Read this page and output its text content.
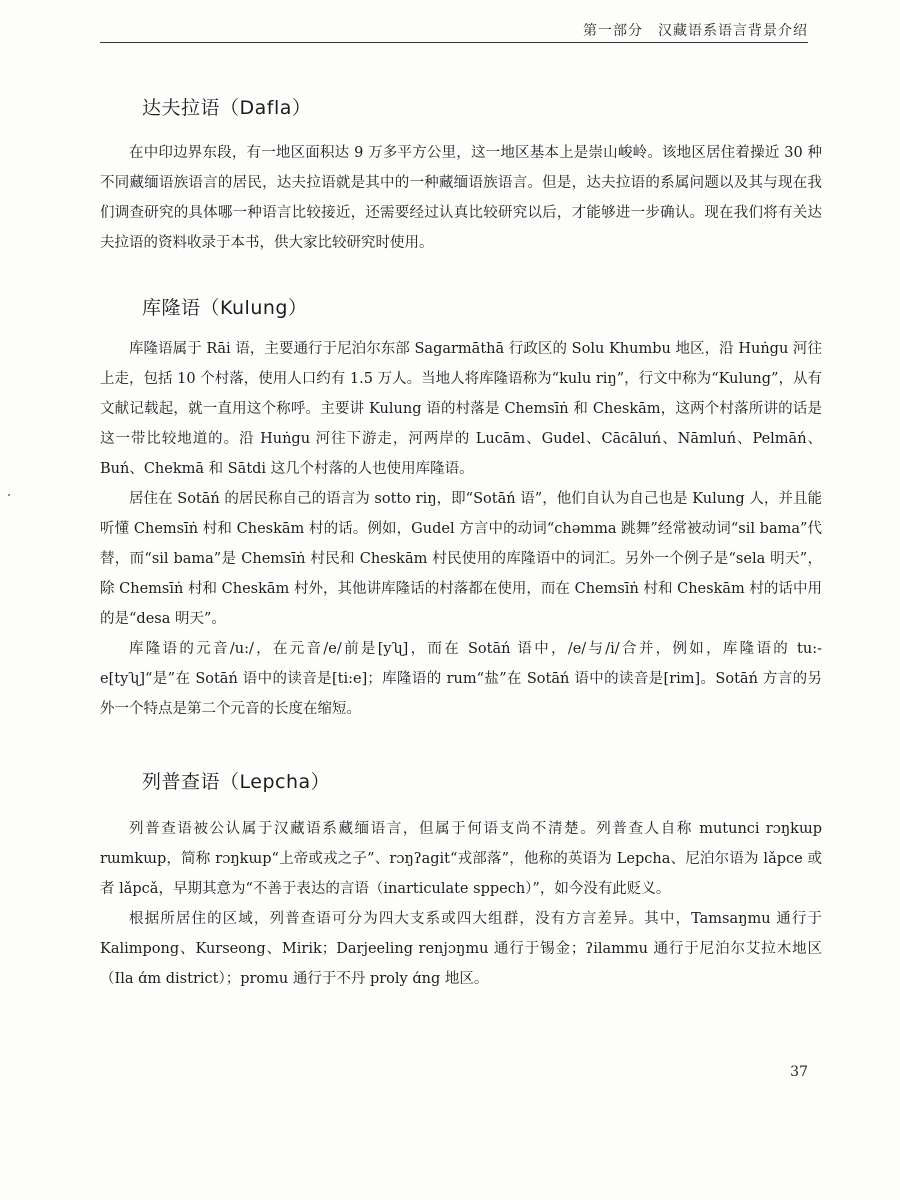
第一部分　汉藏语系语言背景介绍
达夫拉语（Dafla）

在中印边界东段，有一地区面积达 9 万多平方公里，这一地区基本上是崇山峻岭。该地区居住着操近 30 种不同藏缅语族语言的居民，达夫拉语就是其中的一种藏缅语族语言。但是，达夫拉语的系属问题以及其与现在我们调查研究的具体哪一种语言比较接近，还需要经过认真比较研究以后，才能够进一步确认。现在我们将有关达夫拉语的资料收录于本书，供大家比较研究时使用。

库隆语（Kulung）

库隆语属于 Rāi 语，主要通行于尼泊尔东部 Sagarmāthā 行政区的 Solu Khumbu 地区，沿 Huṅgu 河往上走，包括 10 个村落，使用人口约有 1.5 万人。当地人将库隆语称为“kulu riŋ”，行文中称为“Kulung”，从有文献记载起，就一直用这个称呼。主要讲 Kulung 语的村落是 Chemsīṅ 和 Cheskām，这两个村落所讲的话是这一带比较地道的。沿 Huṅgu 河往下游走，河两岸的 Lucām、Gudel、Cācāluń、Nāmluń、Pelmāń、Buń、Chekmā 和 Sātdi 这几个村落的人也使用库隆语。

居住在 Sotāń 的居民称自己的语言为 sotto riŋ，即“Sotāń 语”，他们自认为自己也是 Kulung 人，并且能听懂 Chemsīṅ 村和 Cheskām 村的话。例如，Gudel 方言中的动词“chəmma 跳舞”经常被动词“sil bama”代替，而“sil bama”是 Chemsīṅ 村民和 Cheskām 村民使用的库隆语中的词汇。另外一个例子是“sela 明天”，除 Chemsīṅ 村和 Cheskām 村外，其他讲库隆话的村落都在使用，而在 Chemsīṅ 村和 Cheskām 村的话中用的是“desa 明天”。

库隆语的元音/u:/，在元音/e/前是[yʯ]，而在 Sotāń 语中，/e/与/i/合并，例如，库隆语的 tu:-e[tyʯ]“是”在 Sotāń 语中的读音是[ti:e]；库隆语的 rum“盐”在 Sotāń 语中的读音是[rim]。Sotāń 方言的另外一个特点是第二个元音的长度在缩短。

列普查语（Lepcha）

列普查语被公认属于汉藏语系藏缅语言，但属于何语支尚不清楚。列普查人自称 mutunci rɔŋkɯp rɯmkɯp，简称 rɔŋkɯp“上帝或戎之子”、rɔŋʔagit“戎部落”，他称的英语为 Lepcha、尼泊尔语为 lǎpce 或者 lǎpcǎ，早期其意为“不善于表达的言语（inarticulate sppech）”，如今没有此贬义。

根据所居住的区域，列普查语可分为四大支系或四大组群，没有方言差异。其中，Tamsaŋmu 通行于 Kalimpong、Kurseong、Mirik；Darjeeling renjɔŋmu 通行于锡金；ʔilammu 通行于尼泊尔艾拉木地区（Ila ɑ́m district）；promu 通行于不丹 proly ɑ́ng 地区。

37
